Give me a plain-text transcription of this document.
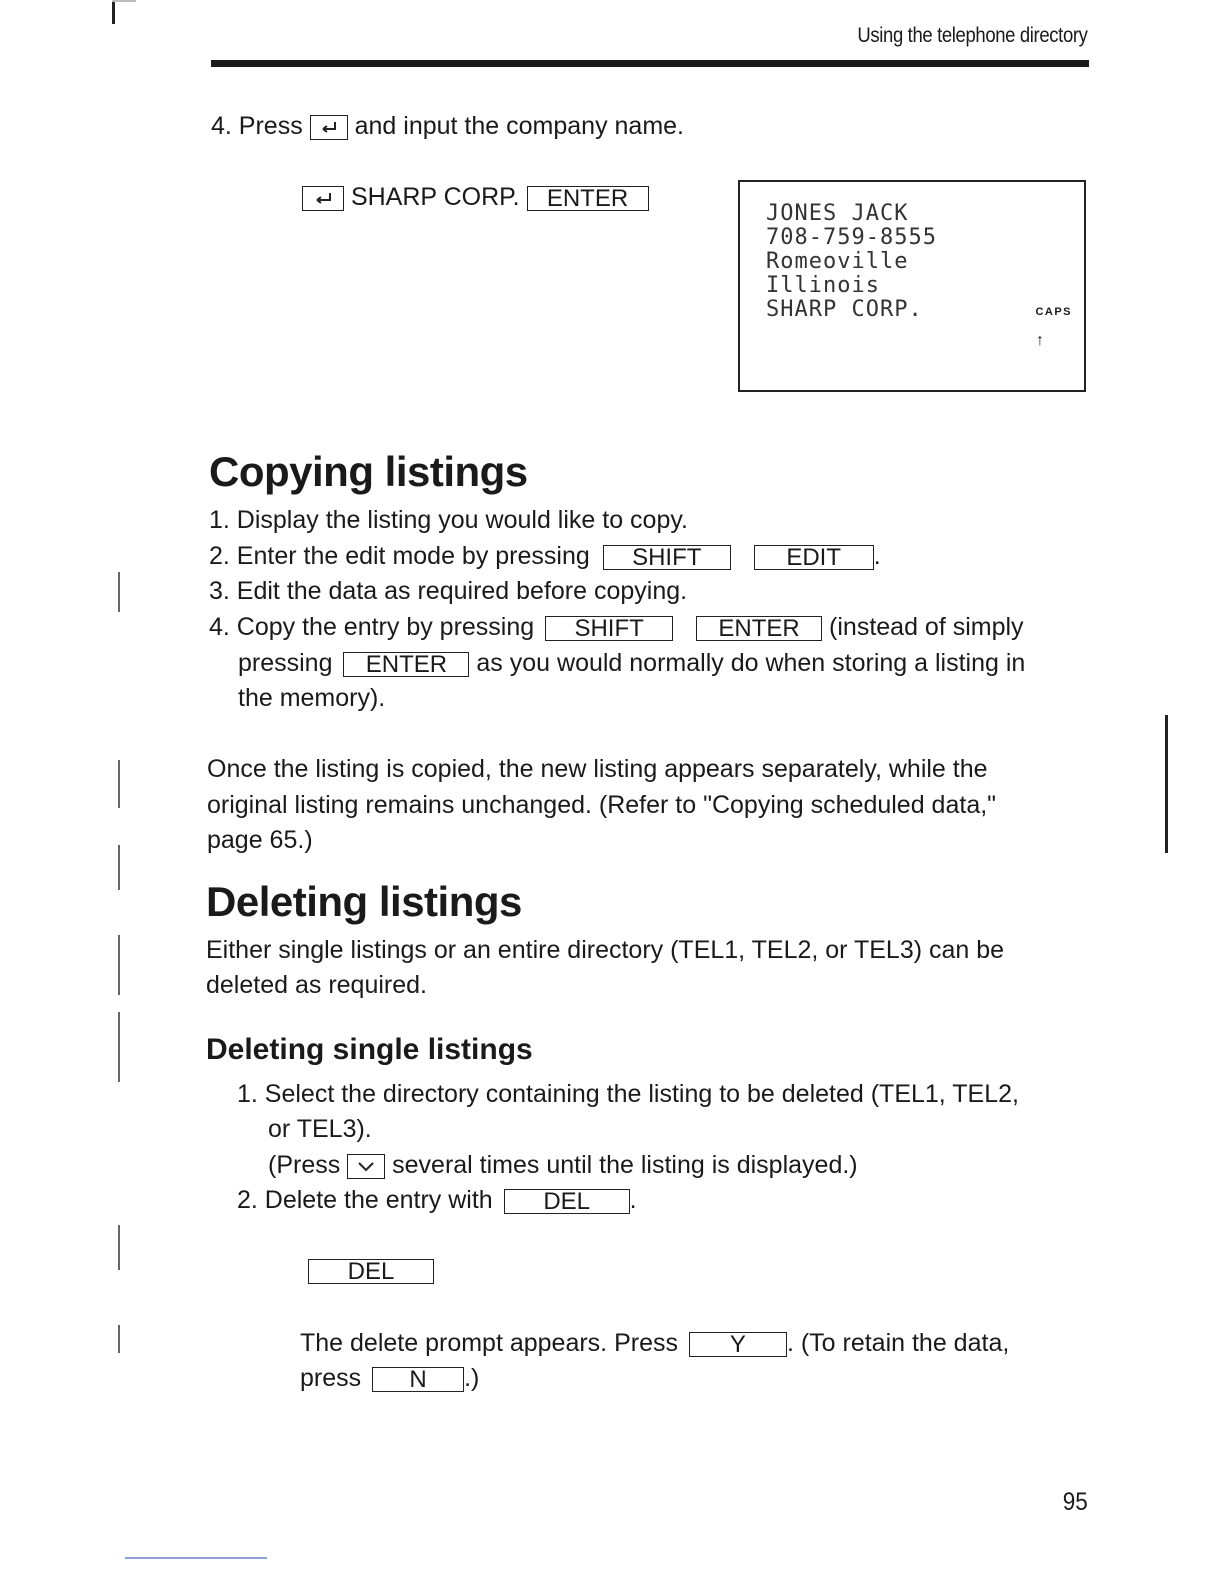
Using the telephone directory
4. Press and input the company name.
SHARP CORP. ENTER
JONES JACK
708-759-8555
Romeoville
Illinois
SHARP CORP.	CAPS
↑
Copying listings
1. Display the listing you would like to copy.
2. Enter the edit mode by pressing SHIFT	EDIT .
3. Edit the data as required before copying.
4. Copy the entry by pressing SHIFT	ENTER (instead of simply
pressing ENTER as you would normally do when storing a listing in
the memory).
Once the listing is copied, the new listing appears separately, while the
original listing remains unchanged. (Refer to "Copying scheduled data,"
page 65.)
Deleting listings
Either single listings or an entire directory (TEL1, TEL2, or TEL3) can be
deleted as required.
Deleting single listings
1. Select the directory containing the listing to be deleted (TEL1, TEL2,
or TEL3).
(Press several times until the listing is displayed.)
2. Delete the entry with DEL .
DEL
The delete prompt appears. Press Y . (To retain the data,
press N .)
95
